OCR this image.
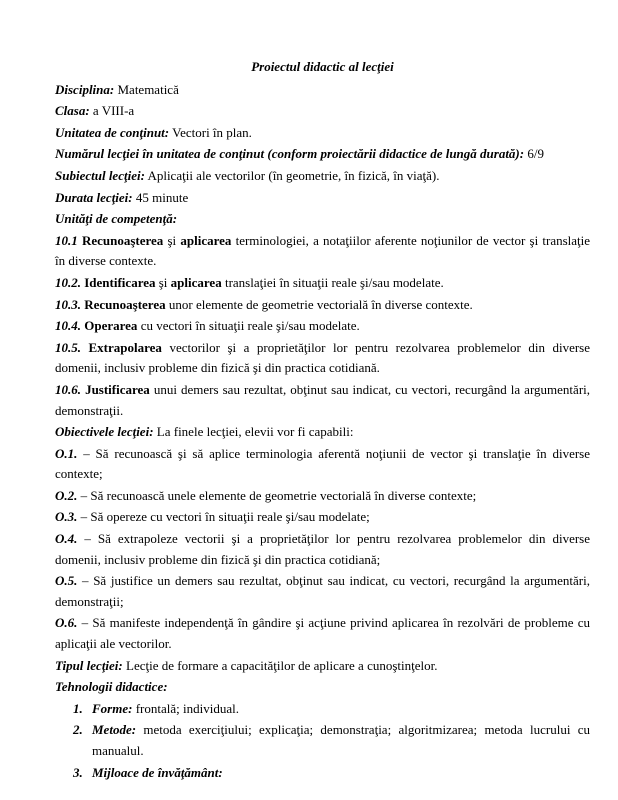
Proiectul didactic al lecţiei

Disciplina: Matematică

Clasa: a VIII-a

Unitatea de conţinut: Vectori în plan.

Numărul lecţiei în unitatea de conţinut (conform proiectării didactice de lungă durată): 6/9

Subiectul lecţiei: Aplicaţii ale vectorilor (în geometrie, în fizică, în viaţă).

Durata lecţiei: 45 minute

Unităţi de competenţă:

10.1 Recunoaşterea şi aplicarea terminologiei, a notaţiilor aferente noţiunilor de vector şi translaţie în diverse contexte.

10.2. Identificarea şi aplicarea translaţiei în situaţii reale şi/sau modelate.

10.3. Recunoaşterea unor elemente de geometrie vectorială în diverse contexte.

10.4. Operarea cu vectori în situaţii reale şi/sau modelate.

10.5. Extrapolarea vectorilor şi a proprietăţilor lor pentru rezolvarea problemelor din diverse domenii, inclusiv probleme din fizică şi din practica cotidiană.

10.6. Justificarea unui demers sau rezultat, obţinut sau indicat, cu vectori, recurgând la argumentări, demonstraţii.

Obiectivele lecţiei: La finele lecţiei, elevii vor fi capabili:

O.1. – Să recunoască şi să aplice terminologia aferentă noţiunii de vector şi translaţie în diverse contexte;

O.2. – Să recunoască unele elemente de geometrie vectorială în diverse contexte;

O.3. – Să opereze cu vectori în situaţii reale şi/sau modelate;

O.4. – Să extrapoleze vectorii şi a proprietăţilor lor pentru rezolvarea problemelor din diverse domenii, inclusiv probleme din fizică şi din practica cotidiană;

O.5. – Să justifice un demers sau rezultat, obţinut sau indicat, cu vectori, recurgând la argumentări, demonstraţii;

O.6. – Să manifeste independenţă în gândire şi acţiune privind aplicarea în rezolvări de probleme cu aplicaţii ale vectorilor.

Tipul lecţiei: Lecţie de formare a capacităţilor de aplicare a cunoştinţelor.

Tehnologii didactice:

1. Forme: frontală; individual.
2. Metode: metoda exerciţiului; explicaţia; demonstraţia; algoritmizarea; metoda lucrului cu manualul.
3. Mijloace de învăţământ:
